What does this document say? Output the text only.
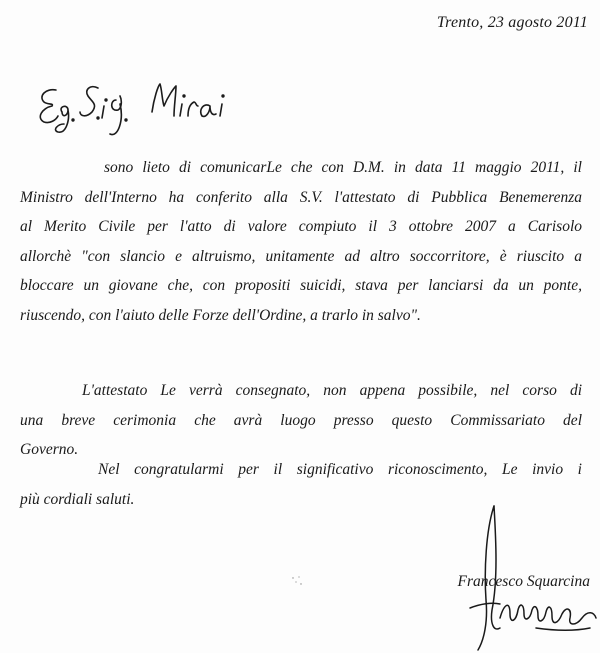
Trento, 23 agosto 2011
sono lieto di comunicarLe che con D.M. in data 11 maggio 2011, il
Ministro dell'Interno ha conferito alla S.V. l'attestato di Pubblica Benemerenza
al Merito Civile per l'atto di valore compiuto il 3 ottobre 2007 a Carisolo
allorchè "con slancio e altruismo, unitamente ad altro soccorritore, è riuscito a
bloccare un giovane che, con propositi suicidi, stava per lanciarsi da un ponte,
riuscendo, con l'aiuto delle Forze dell'Ordine, a trarlo in salvo".
L'attestato Le verrà consegnato, non appena possibile, nel corso di
una breve cerimonia che avrà luogo presso questo Commissariato del
Governo.
Nel congratularmi per il significativo riconoscimento, Le invio i
più cordiali saluti.
Francesco Squarcina
